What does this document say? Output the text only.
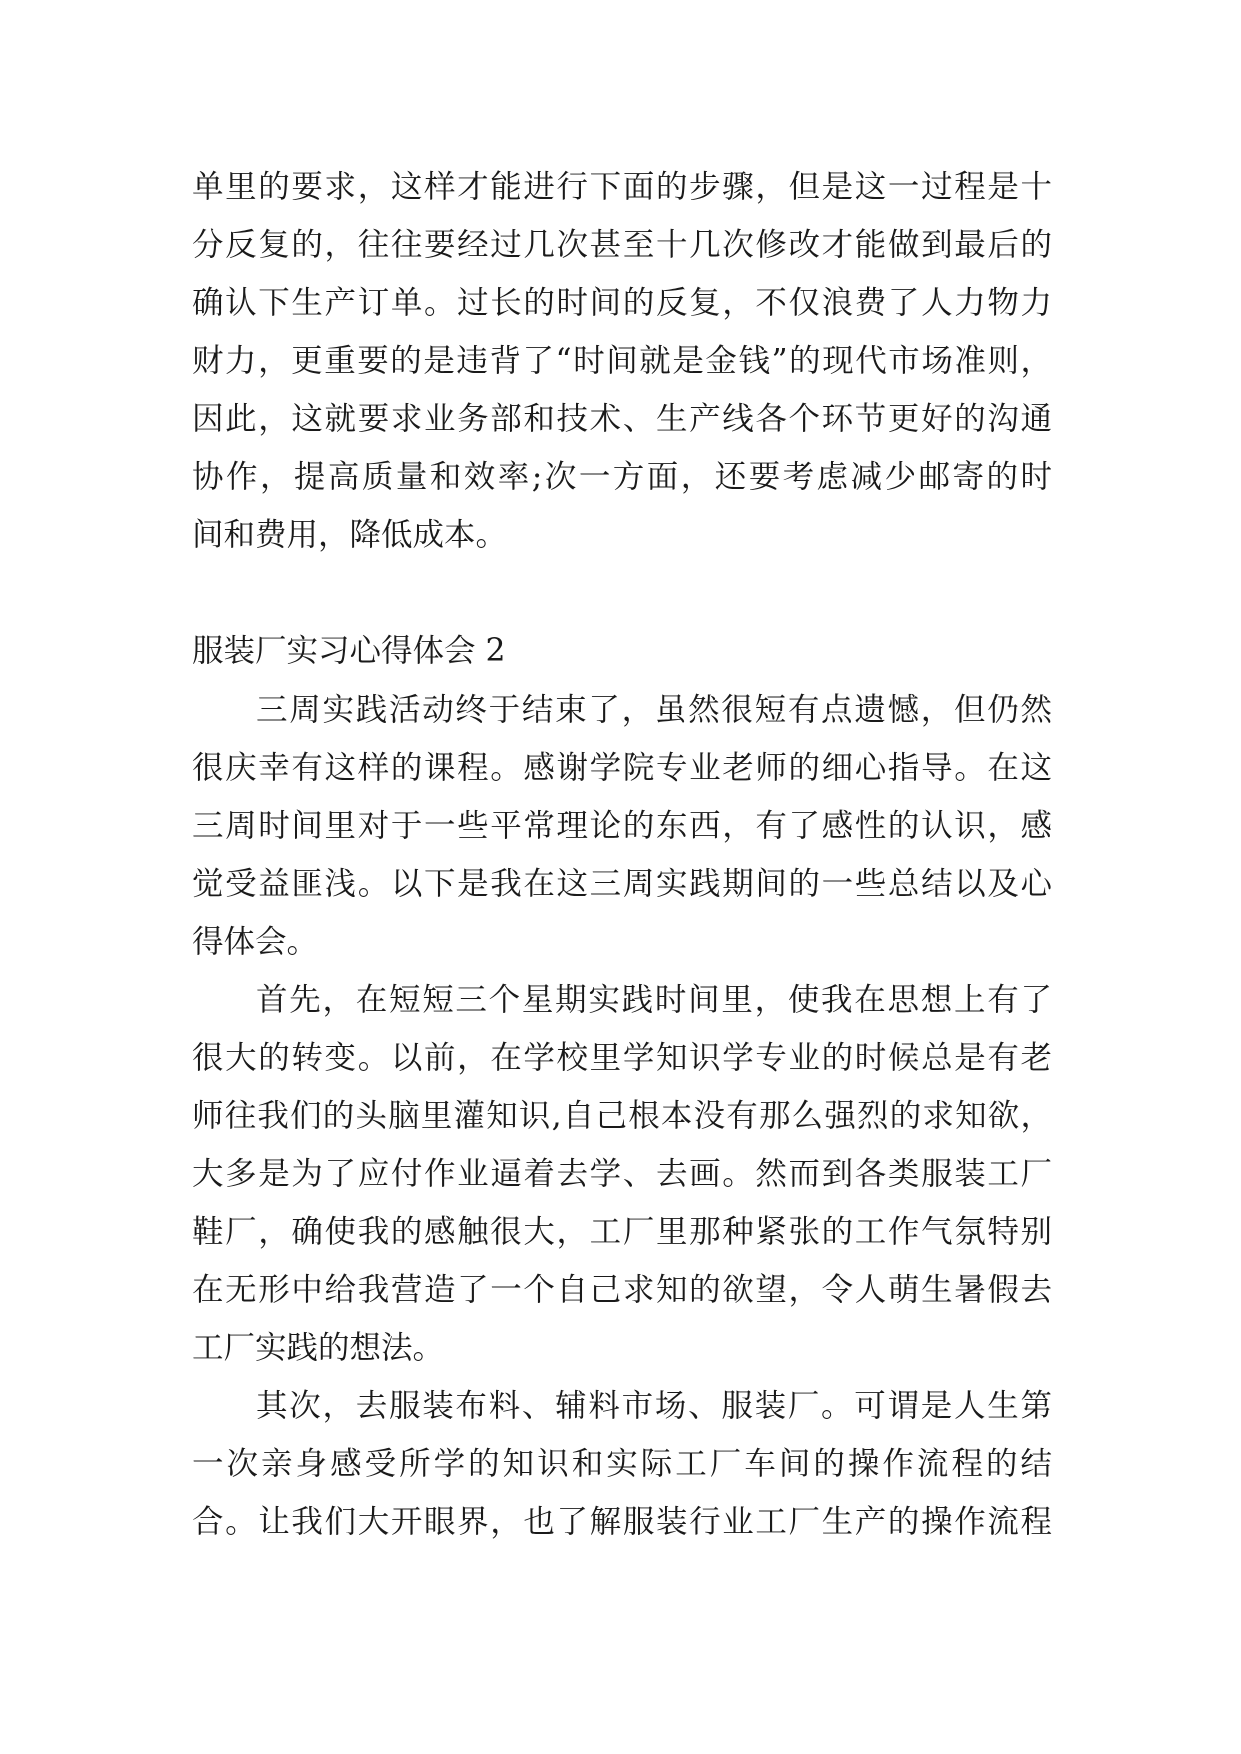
单里的要求，这样才能进行下面的步骤，但是这一过程是十
分反复的，往往要经过几次甚至十几次修改才能做到最后的
确认下生产订单。过长的时间的反复，不仅浪费了人力物力
财力，更重要的是违背了“时间就是金钱”的现代市场准则，
因此，这就要求业务部和技术、生产线各个环节更好的沟通
协作，提高质量和效率;次一方面，还要考虑减少邮寄的时
间和费用，降低成本。
服装厂实习心得体会 2
三周实践活动终于结束了，虽然很短有点遗憾，但仍然
很庆幸有这样的课程。感谢学院专业老师的细心指导。在这
三周时间里对于一些平常理论的东西，有了感性的认识，感
觉受益匪浅。以下是我在这三周实践期间的一些总结以及心
得体会。
首先，在短短三个星期实践时间里，使我在思想上有了
很大的转变。以前，在学校里学知识学专业的时候总是有老
师往我们的头脑里灌知识,自己根本没有那么强烈的求知欲，
大多是为了应付作业逼着去学、去画。然而到各类服装工厂
鞋厂，确使我的感触很大，工厂里那种紧张的工作气氛特别
在无形中给我营造了一个自己求知的欲望，令人萌生暑假去
工厂实践的想法。
其次，去服装布料、辅料市场、服装厂。可谓是人生第
一次亲身感受所学的知识和实际工厂车间的操作流程的结
合。让我们大开眼界，也了解服装行业工厂生产的操作流程
